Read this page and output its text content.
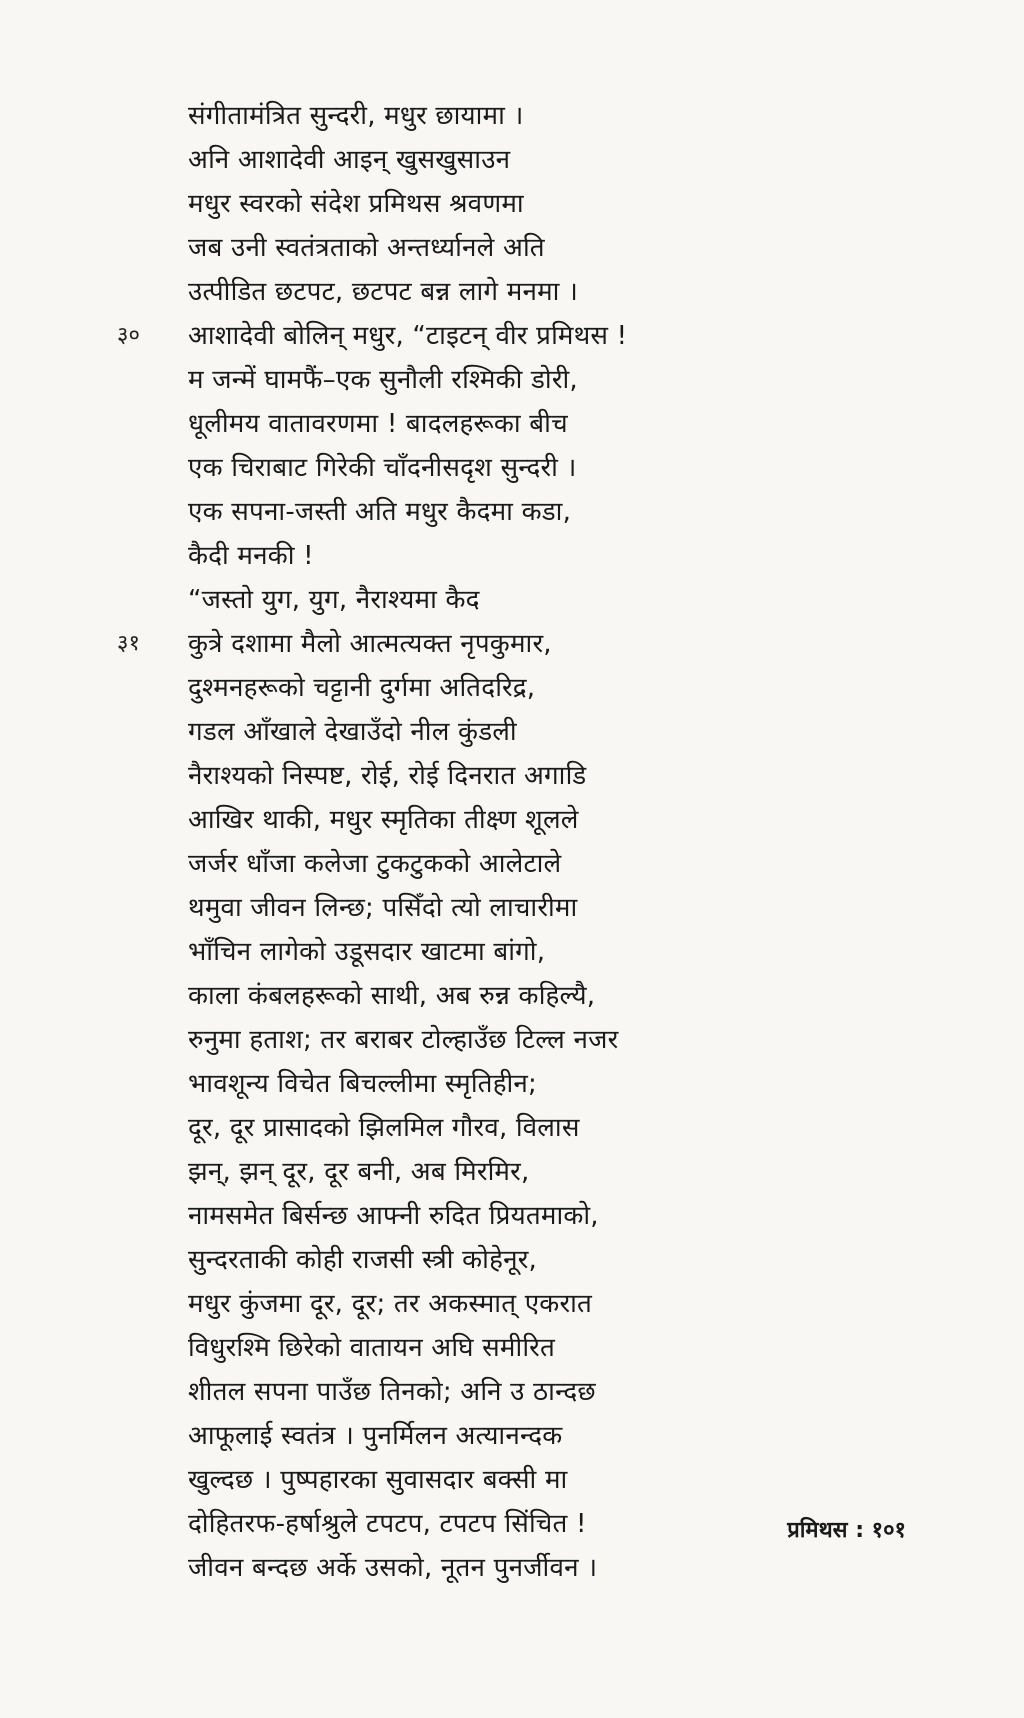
संगीतामंत्रित सुन्दरी, मधुर छायामा ।
अनि आशादेवी आइन् खुसखुसाउन
मधुर स्वरको संदेश प्रमिथस श्रवणमा
जब उनी स्वतंत्रताको अन्तर्ध्यानले अति
उत्पीडित छटपट, छटपट बन्न लागे मनमा ।
३० आशादेवी बोलिन् मधुर, “टाइटन् वीर प्रमिथस !
म जन्में घामफैं–एक सुनौली रश्मिकी डोरी,
धूलीमय वातावरणमा ! बादलहरूका बीच
एक चिराबाट गिरेकी चाँदनीसदृश सुन्दरी ।
एक सपना-जस्ती अति मधुर कैदमा कडा,
कैदी मनकी !
“जस्तो युग, युग, नैराश्यमा कैद
३१ कुत्रे दशामा मैलो आत्मत्यक्त नृपकुमार,
दुश्मनहरूको चट्टानी दुर्गमा अतिदरिद्र,
गडल आँखाले देखाउँदो नील कुंडली
नैराश्यको निस्पष्ट, रोई, रोई दिनरात अगाडि
आखिर थाकी, मधुर स्मृतिका तीक्ष्ण शूलले
जर्जर धाँजा कलेजा टुकटुकको आलेटाले
थमुवा जीवन लिन्छ; पसिँदो त्यो लाचारीमा
भाँचिन लागेको उडूसदार खाटमा बांगो,
काला कंबलहरूको साथी, अब रुन्न कहिल्यै,
रुनुमा हताश; तर बराबर टोल्हाउँछ टिल्ल नजर
भावशून्य विचेत बिचल्लीमा स्मृतिहीन;
दूर, दूर प्रासादको झिलमिल गौरव, विलास
झन्, झन् दूर, दूर बनी, अब मिरमिर,
नामसमेत बिर्सन्छ आफ्नी रुदित प्रियतमाको,
सुन्दरताकी कोही राजसी स्त्री कोहेनूर,
मधुर कुंजमा दूर, दूर; तर अकस्मात् एकरात
विधुरश्मि छिरेको वातायन अघि समीरित
शीतल सपना पाउँछ तिनको; अनि उ ठान्दछ
आफूलाई स्वतंत्र । पुनर्मिलन अत्यानन्दक
खुल्दछ । पुष्पहारका सुवासदार बक्सी मा
दोहितरफ-हर्षाश्रुले टपटप, टपटप सिंचित !
जीवन बन्दछ अर्के उसको, नूतन पुनर्जीवन ।
प्रमिथस : १०१
